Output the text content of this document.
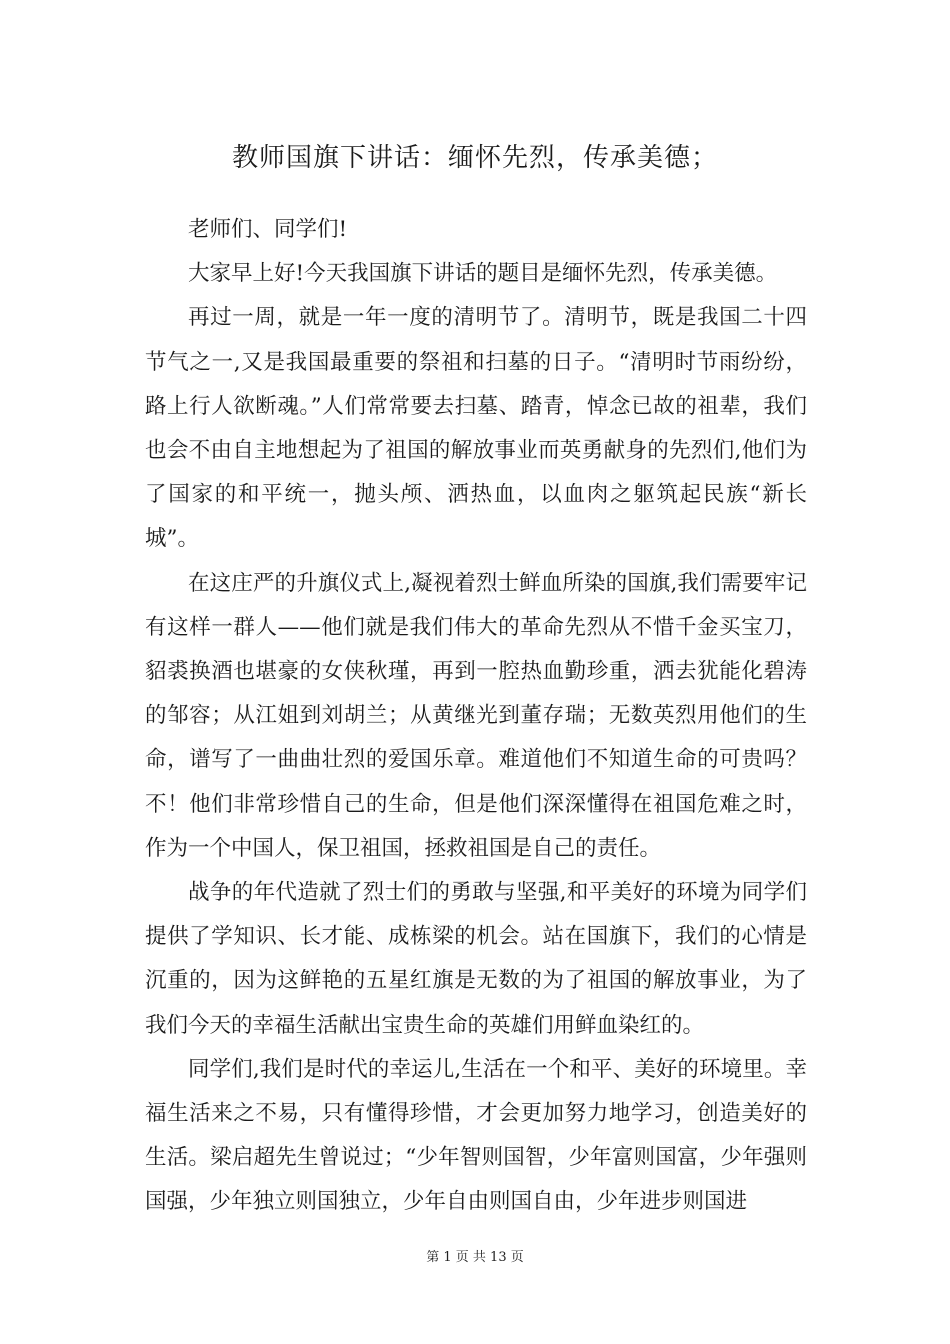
教师国旗下讲话：缅怀先烈，传承美德；

老师们、同学们!

大家早上好!今天我国旗下讲话的题目是缅怀先烈，传承美德。

再过一周，就是一年一度的清明节了。清明节，既是我国二十四节气之一,又是我国最重要的祭祖和扫墓的日子。“清明时节雨纷纷，路上行人欲断魂。”人们常常要去扫墓、踏青，悼念已故的祖辈，我们也会不由自主地想起为了祖国的解放事业而英勇献身的先烈们,他们为了国家的和平统一，抛头颅、洒热血，以血肉之躯筑起民族“新长城”。

在这庄严的升旗仪式上,凝视着烈士鲜血所染的国旗,我们需要牢记有这样一群人——他们就是我们伟大的革命先烈从不惜千金买宝刀，貂裘换酒也堪豪的女侠秋瑾，再到一腔热血勤珍重，洒去犹能化碧涛的邹容；从江姐到刘胡兰；从黄继光到董存瑞；无数英烈用他们的生命，谱写了一曲曲壮烈的爱国乐章。难道他们不知道生命的可贵吗？不！他们非常珍惜自己的生命，但是他们深深懂得在祖国危难之时，作为一个中国人，保卫祖国，拯救祖国是自己的责任。

战争的年代造就了烈士们的勇敢与坚强,和平美好的环境为同学们提供了学知识、长才能、成栋梁的机会。站在国旗下，我们的心情是沉重的，因为这鲜艳的五星红旗是无数的为了祖国的解放事业，为了我们今天的幸福生活献出宝贵生命的英雄们用鲜血染红的。

同学们,我们是时代的幸运儿,生活在一个和平、美好的环境里。幸福生活来之不易，只有懂得珍惜，才会更加努力地学习，创造美好的生活。梁启超先生曾说过；“少年智则国智，少年富则国富，少年强则国强，少年独立则国独立，少年自由则国自由，少年进步则国进

第 1 页 共 13 页
